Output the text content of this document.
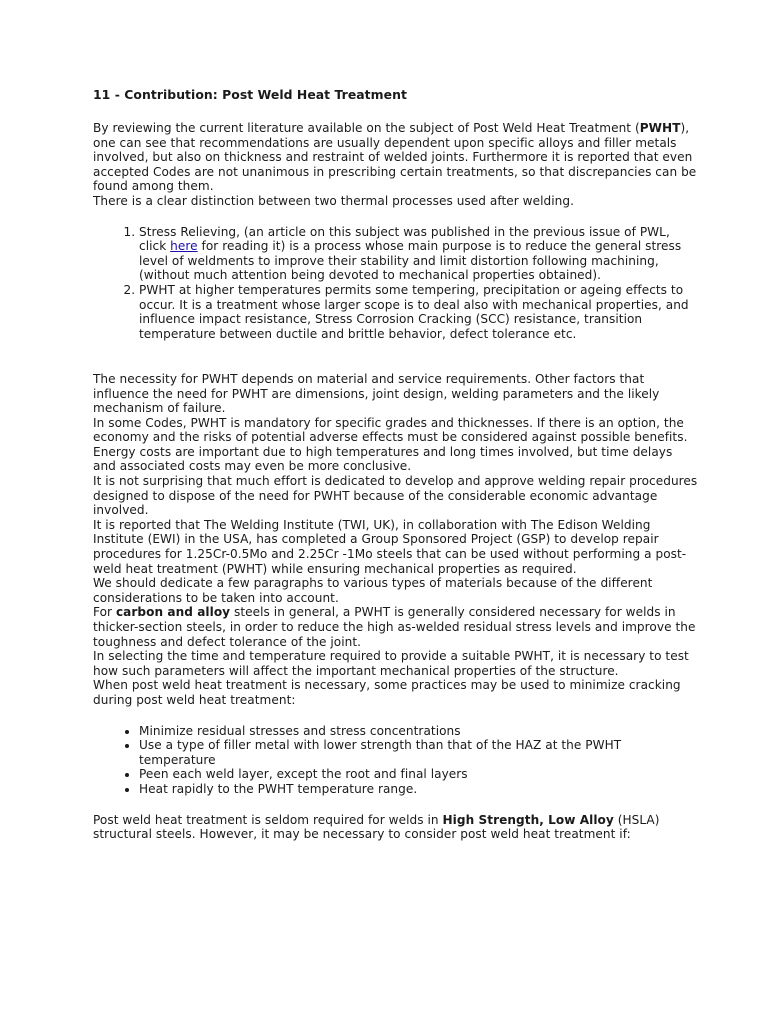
11 - Contribution: Post Weld Heat Treatment

By reviewing the current literature available on the subject of Post Weld Heat Treatment (PWHT), one can see that recommendations are usually dependent upon specific alloys and filler metals involved, but also on thickness and restraint of welded joints. Furthermore it is reported that even accepted Codes are not unanimous in prescribing certain treatments, so that discrepancies can be found among them.

There is a clear distinction between two thermal processes used after welding.

1. Stress Relieving, (an article on this subject was published in the previous issue of PWL, click here for reading it) is a process whose main purpose is to reduce the general stress level of weldments to improve their stability and limit distortion following machining, (without much attention being devoted to mechanical properties obtained).
2. PWHT at higher temperatures permits some tempering, precipitation or ageing effects to occur. It is a treatment whose larger scope is to deal also with mechanical properties, and influence impact resistance, Stress Corrosion Cracking (SCC) resistance, transition temperature between ductile and brittle behavior, defect tolerance etc.

The necessity for PWHT depends on material and service requirements. Other factors that influence the need for PWHT are dimensions, joint design, welding parameters and the likely mechanism of failure.

In some Codes, PWHT is mandatory for specific grades and thicknesses. If there is an option, the economy and the risks of potential adverse effects must be considered against possible benefits. Energy costs are important due to high temperatures and long times involved, but time delays and associated costs may even be more conclusive.

It is not surprising that much effort is dedicated to develop and approve welding repair procedures designed to dispose of the need for PWHT because of the considerable economic advantage involved.

It is reported that The Welding Institute (TWI, UK), in collaboration with The Edison Welding Institute (EWI) in the USA, has completed a Group Sponsored Project (GSP) to develop repair procedures for 1.25Cr-0.5Mo and 2.25Cr -1Mo steels that can be used without performing a post-weld heat treatment (PWHT) while ensuring mechanical properties as required.

We should dedicate a few paragraphs to various types of materials because of the different considerations to be taken into account.

For carbon and alloy steels in general, a PWHT is generally considered necessary for welds in thicker-section steels, in order to reduce the high as-welded residual stress levels and improve the toughness and defect tolerance of the joint.

In selecting the time and temperature required to provide a suitable PWHT, it is necessary to test how such parameters will affect the important mechanical properties of the structure.

When post weld heat treatment is necessary, some practices may be used to minimize cracking during post weld heat treatment:

• Minimize residual stresses and stress concentrations
• Use a type of filler metal with lower strength than that of the HAZ at the PWHT temperature
• Peen each weld layer, except the root and final layers
• Heat rapidly to the PWHT temperature range.

Post weld heat treatment is seldom required for welds in High Strength, Low Alloy (HSLA) structural steels. However, it may be necessary to consider post weld heat treatment if:
